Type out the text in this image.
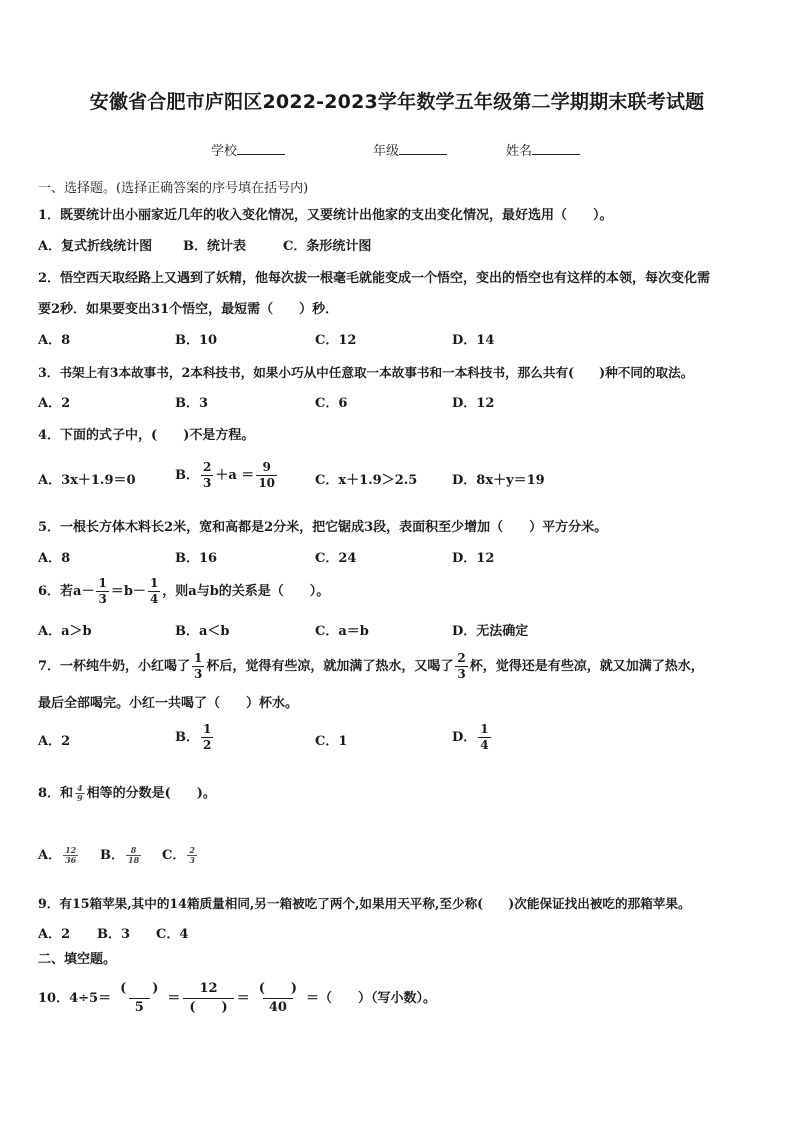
安徽省合肥市庐阳区2022-2023学年数学五年级第二学期期末联考试题
学校	年级	姓名
一、选择题。(选择正确答案的序号填在括号内)
1．既要统计出小丽家近几年的收入变化情况，又要统计出他家的支出变化情况，最好选用（　　）。
A．复式折线统计图 B．统计表	C．条形统计图
2．悟空西天取经路上又遇到了妖精，他每次拔一根毫毛就能变成一个悟空，变出的悟空也有这样的本领，每次变化需
要2秒．如果要变出31个悟空，最短需（　　）秒．
A．8	B．10	C．12	D．14
3．书架上有3本故事书，2本科技书，如果小巧从中任意取一本故事书和一本科技书，那么共有(　　)种不同的取法。
A．2	B．3	C．6	D．12
4．下面的式子中，(　　)不是方程。
A．3x＋1.9＝0	B． $\frac{2}{3} +a = \frac{9}{10}$	C．x＋1.9＞2.5	D．8x＋y＝19
5．一根长方体木料长2米，宽和高都是2分米，把它锯成3段，表面积至少增加（　　）平方分米。
A．8	B．16	C．24	D．12
6．若$a- \frac{1}{3} =b- \frac{1}{4}$ ，则a与b的关系是（　　）。
A．a＞b	B．a＜b	C．a＝b	D．无法确定
7．一杯纯牛奶，小红喝了 $\frac{1}{3}$ 杯后，觉得有些凉，就加满了热水，又喝了 $\frac{2}{3}$ 杯，觉得还是有些凉，就又加满了热水，
最后全部喝完。小红一共喝了（　　）杯水。
A．2	B． $\frac{1}{2}$	C．1	D． $\frac{1}{4}$
8．和 $\frac{4}{9}$ 相等的分数是(　　)。
A． $\frac{12}{36}$ B． $\frac{8}{18}$ C． $\frac{2}{3}$
9．有15箱苹果,其中的14箱质量相同,另一箱被吃了两个,如果用天平称,至少称(　　)次能保证找出被吃的那箱苹果。
A．2 B．3 C．4
二、填空题。
10．$4\div 5= \frac{( )}{5} = \frac{12}{( )} = \frac{( )}{40}$ ＝（　　）（写小数）。
